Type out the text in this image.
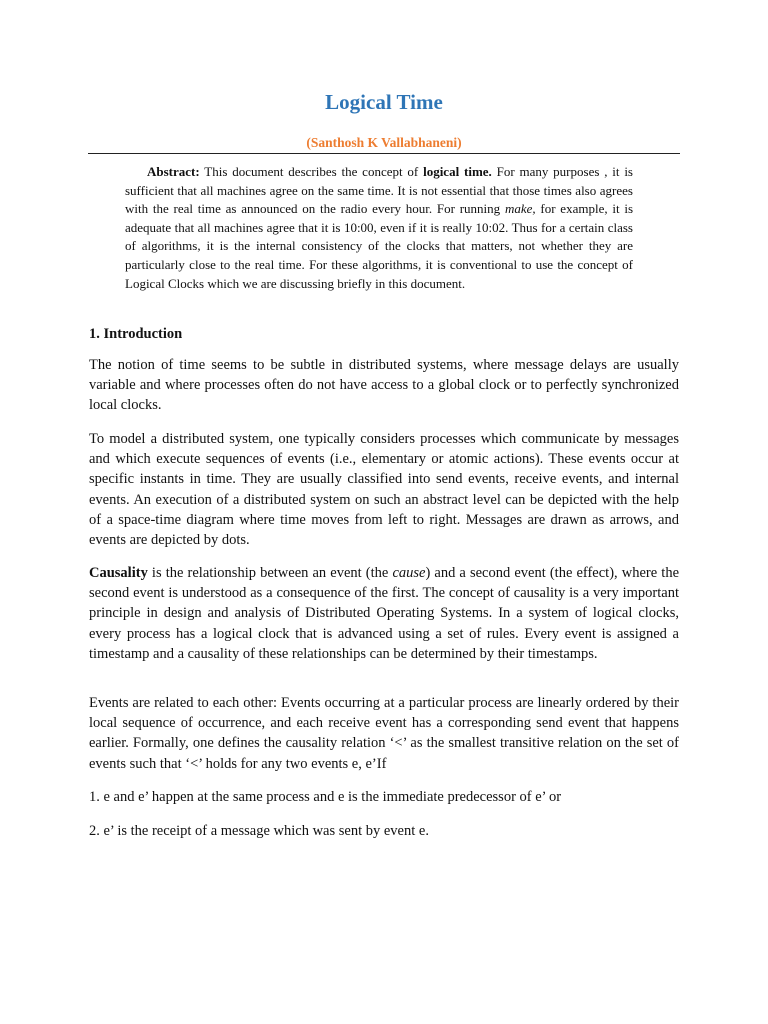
Logical Time
(Santhosh K Vallabhaneni)

Abstract: This document describes the concept of logical time. For many purposes , it is sufficient that all machines agree on the same time. It is not essential that those times also agrees with the real time as announced on the radio every hour. For running make, for example, it is adequate that all machines agree that it is 10:00, even if it is really 10:02. Thus for a certain class of algorithms, it is the internal consistency of the clocks that matters, not whether they are particularly close to the real time. For these algorithms, it is conventional to use the concept of Logical Clocks which we are discussing briefly in this document.

1. Introduction

The notion of time seems to be subtle in distributed systems, where message delays are usually variable and where processes often do not have access to a global clock or to perfectly synchronized local clocks.

To model a distributed system, one typically considers processes which communicate by messages and which execute sequences of events (i.e., elementary or atomic actions). These events occur at specific instants in time. They are usually classified into send events, receive events, and internal events. An execution of a distributed system on such an abstract level can be depicted with the help of a space-time diagram where time moves from left to right. Messages are drawn as arrows, and events are depicted by dots.

Causality is the relationship between an event (the cause) and a second event (the effect), where the second event is understood as a consequence of the first. The concept of causality is a very important principle in design and analysis of Distributed Operating Systems. In a system of logical clocks, every process has a logical clock that is advanced using a set of rules. Every event is assigned a timestamp and a causality of these relationships can be determined by their timestamps.

Events are related to each other: Events occurring at a particular process are linearly ordered by their local sequence of occurrence, and each receive event has a corresponding send event that happens earlier. Formally, one defines the causality relation ‘<’ as the smallest transitive relation on the set of events such that ‘<’ holds for any two events e, e’If

1. e and e’ happen at the same process and e is the immediate predecessor of e’ or

2. e’ is the receipt of a message which was sent by event e.
